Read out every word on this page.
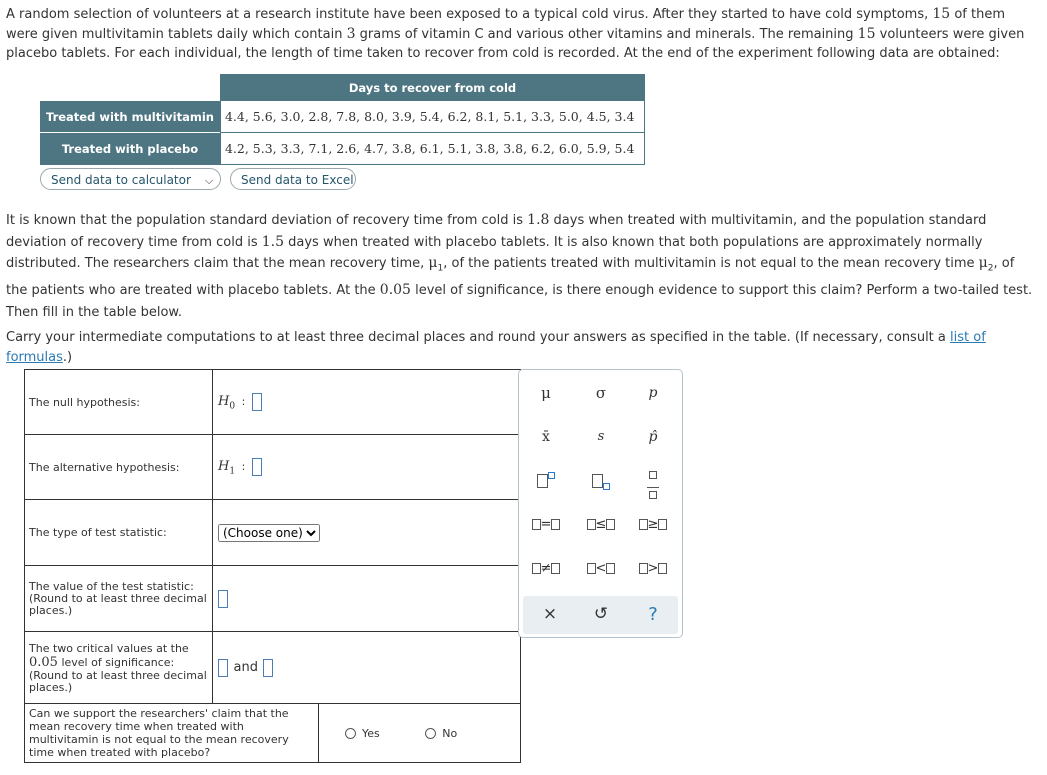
A random selection of volunteers at a research institute have been exposed to a typical cold virus. After they started to have cold symptoms, 15 of them were given multivitamin tablets daily which contain 3 grams of vitamin C and various other vitamins and minerals. The remaining 15 volunteers were given placebo tablets. For each individual, the length of time taken to recover from cold is recorded. At the end of the experiment following data are obtained:

	Days to recover from cold
Treated with multivitamin	4.4, 5.6, 3.0, 2.8, 7.8, 8.0, 3.9, 5.4, 6.2, 8.1, 5.1, 3.3, 5.0, 4.5, 3.4
Treated with placebo	4.2, 5.3, 3.3, 7.1, 2.6, 4.7, 3.8, 6.1, 5.1, 3.8, 3.8, 6.2, 6.0, 5.9, 5.4
Send data to calculator ⌵	Send data to Excel

It is known that the population standard deviation of recovery time from cold is 1.8 days when treated with multivitamin, and the population standard deviation of recovery time from cold is 1.5 days when treated with placebo tablets. It is also known that both populations are approximately normally distributed. The researchers claim that the mean recovery time, $\mu_1$, of the patients treated with multivitamin is not equal to the mean recovery time $\mu_2$, of the patients who are treated with placebo tablets. At the 0.05 level of significance, is there enough evidence to support this claim? Perform a two-tailed test. Then fill in the table below.

Carry your intermediate computations to at least three decimal places and round your answers as specified in the table. (If necessary, consult a list of formulas.)

The null hypothesis:	$H_0$ :	
The alternative hypothesis:	$H_1$ :	
The type of test statistic:	
(Choose one)

The value of the test statistic:
(Round to at least three decimal places.)		

The two critical values at the
0.05 level of significance:
(Round to at least three decimal places.)	and	
Can we support the researchers' claim that the mean recovery time when treated with multivitamin is not equal to the mean recovery time when treated with placebo?		Yes No
μ	σ	p
x̄	s	p̂

=	≤	≥
≠	<	>
×	↺	?
